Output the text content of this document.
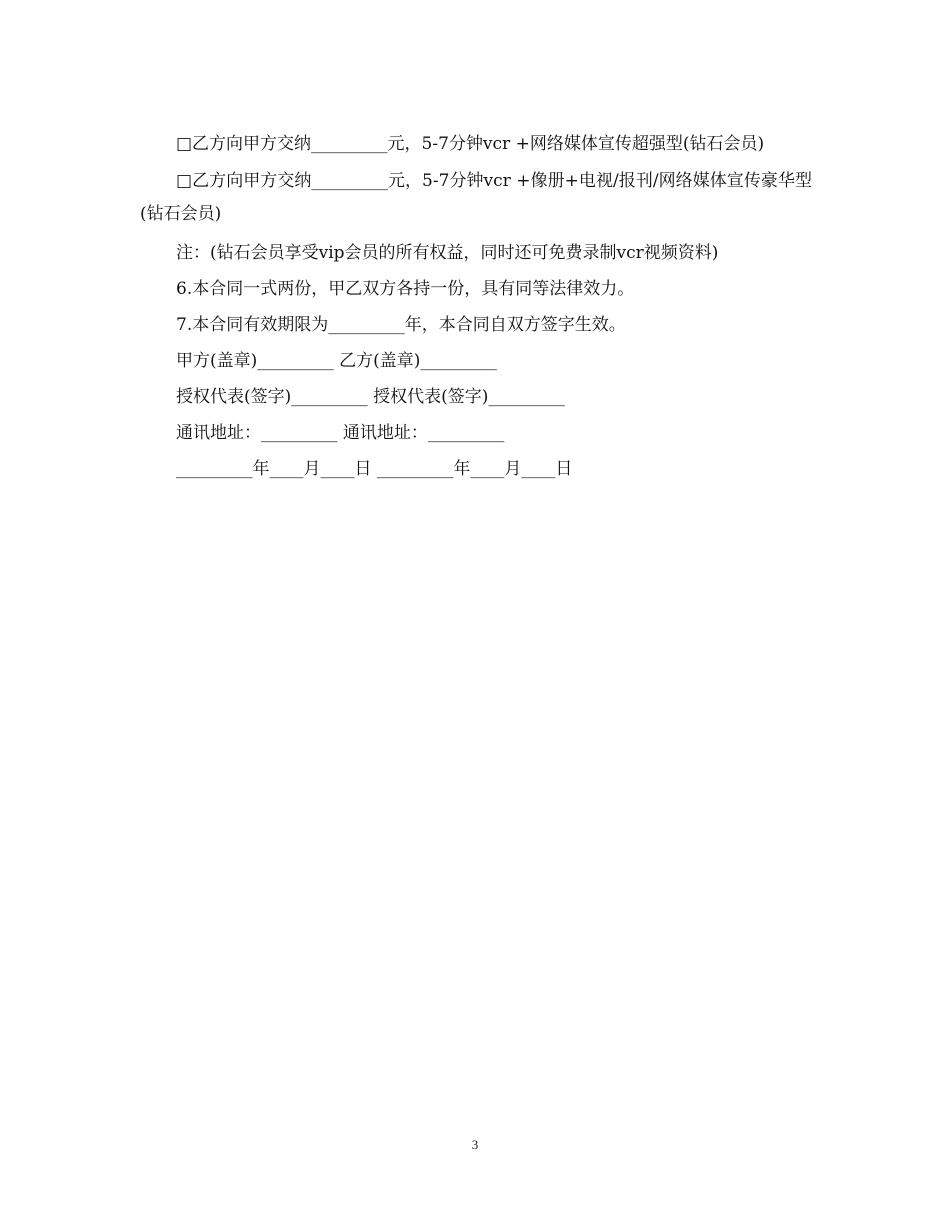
□乙方向甲方交纳_________元，5-7分钟vcr +网络媒体宣传超强型(钻石会员)

□乙方向甲方交纳_________元，5-7分钟vcr +像册+电视/报刊/网络媒体宣传豪华型(钻石会员)

注：(钻石会员享受vip会员的所有权益，同时还可免费录制vcr视频资料)

6.本合同一式两份，甲乙双方各持一份，具有同等法律效力。

7.本合同有效期限为_________年，本合同自双方签字生效。

甲方(盖章)_________ 乙方(盖章)_________

授权代表(签字)_________ 授权代表(签字)_________

通讯地址：_________ 通讯地址：_________

_________年____月____日 _________年____月____日

3
